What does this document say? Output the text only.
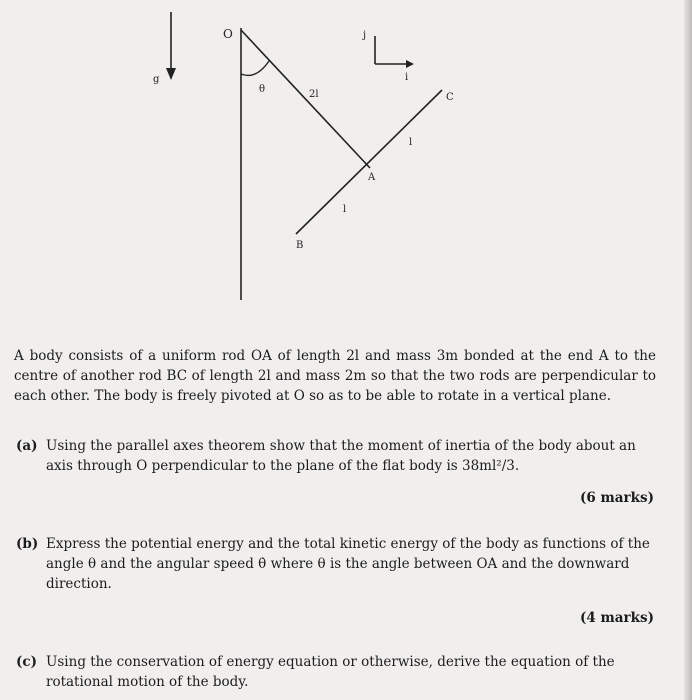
g
O
θ	2l	C
l
A
l
B
j
i
A body consists of a uniform rod OA of length 2l and mass 3m bonded at the end A to the centre of another rod BC of length 2l and mass 2m so that the two rods are perpendicular to each other. The body is freely pivoted at O so as to be able to rotate in a vertical plane.
(a) Using the parallel axes theorem show that the moment of inertia of the body about an axis through O perpendicular to the plane of the flat body is 38ml²/3.
(6 marks)
(b) Express the potential energy and the total kinetic energy of the body as functions of the angle θ and the angular speed θ̇ where θ is the angle between OA and the downward direction.
(4 marks)
(c) Using the conservation of energy equation or otherwise, derive the equation of the rotational motion of the body.
